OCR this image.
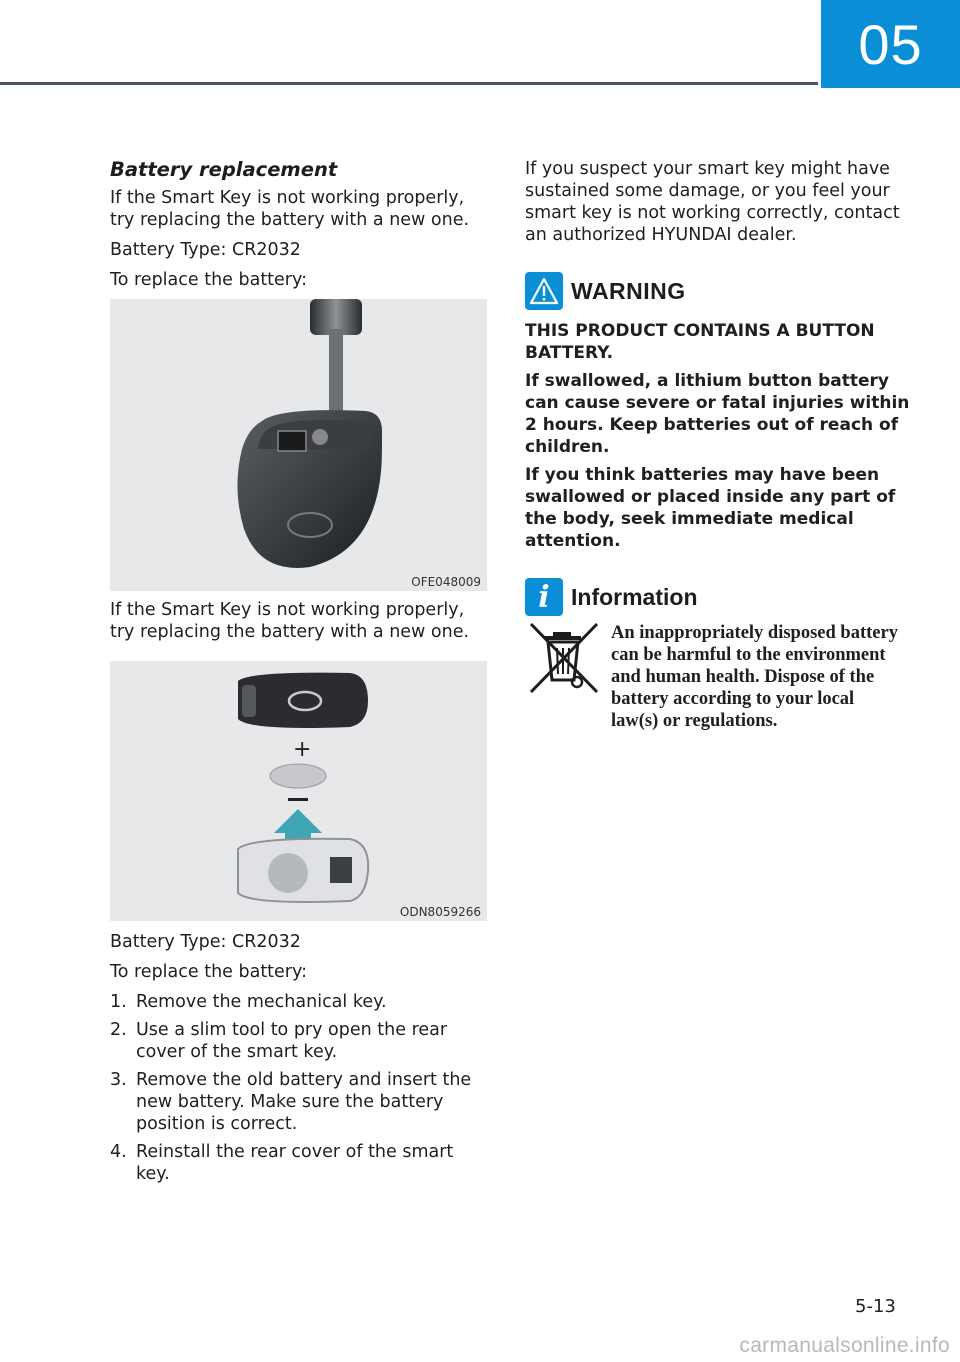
05
Battery replacement

If the Smart Key is not working properly, try replacing the battery with a new one.

Battery Type: CR2032

To replace the battery:

OFE048009

If the Smart Key is not working properly, try replacing the battery with a new one.

+
ODN8059266

Battery Type: CR2032

To replace the battery:

1. Remove the mechanical key.
2. Use a slim tool to pry open the rear cover of the smart key.
3. Remove the old battery and insert the new battery. Make sure the battery position is correct.
4. Reinstall the rear cover of the smart key.

If you suspect your smart key might have sustained some damage, or you feel your smart key is not working correctly, contact an authorized HYUNDAI dealer.

WARNING

THIS PRODUCT CONTAINS A BUTTON BATTERY.

If swallowed, a lithium button battery can cause severe or fatal injuries within 2 hours. Keep batteries out of reach of children.

If you think batteries may have been swallowed or placed inside any part of the body, seek immediate medical attention.

i Information
An inappropriately disposed battery can be harmful to the environment and human health. Dispose of the battery according to your local law(s) or regulations.
5-13
carmanualsonline.info
